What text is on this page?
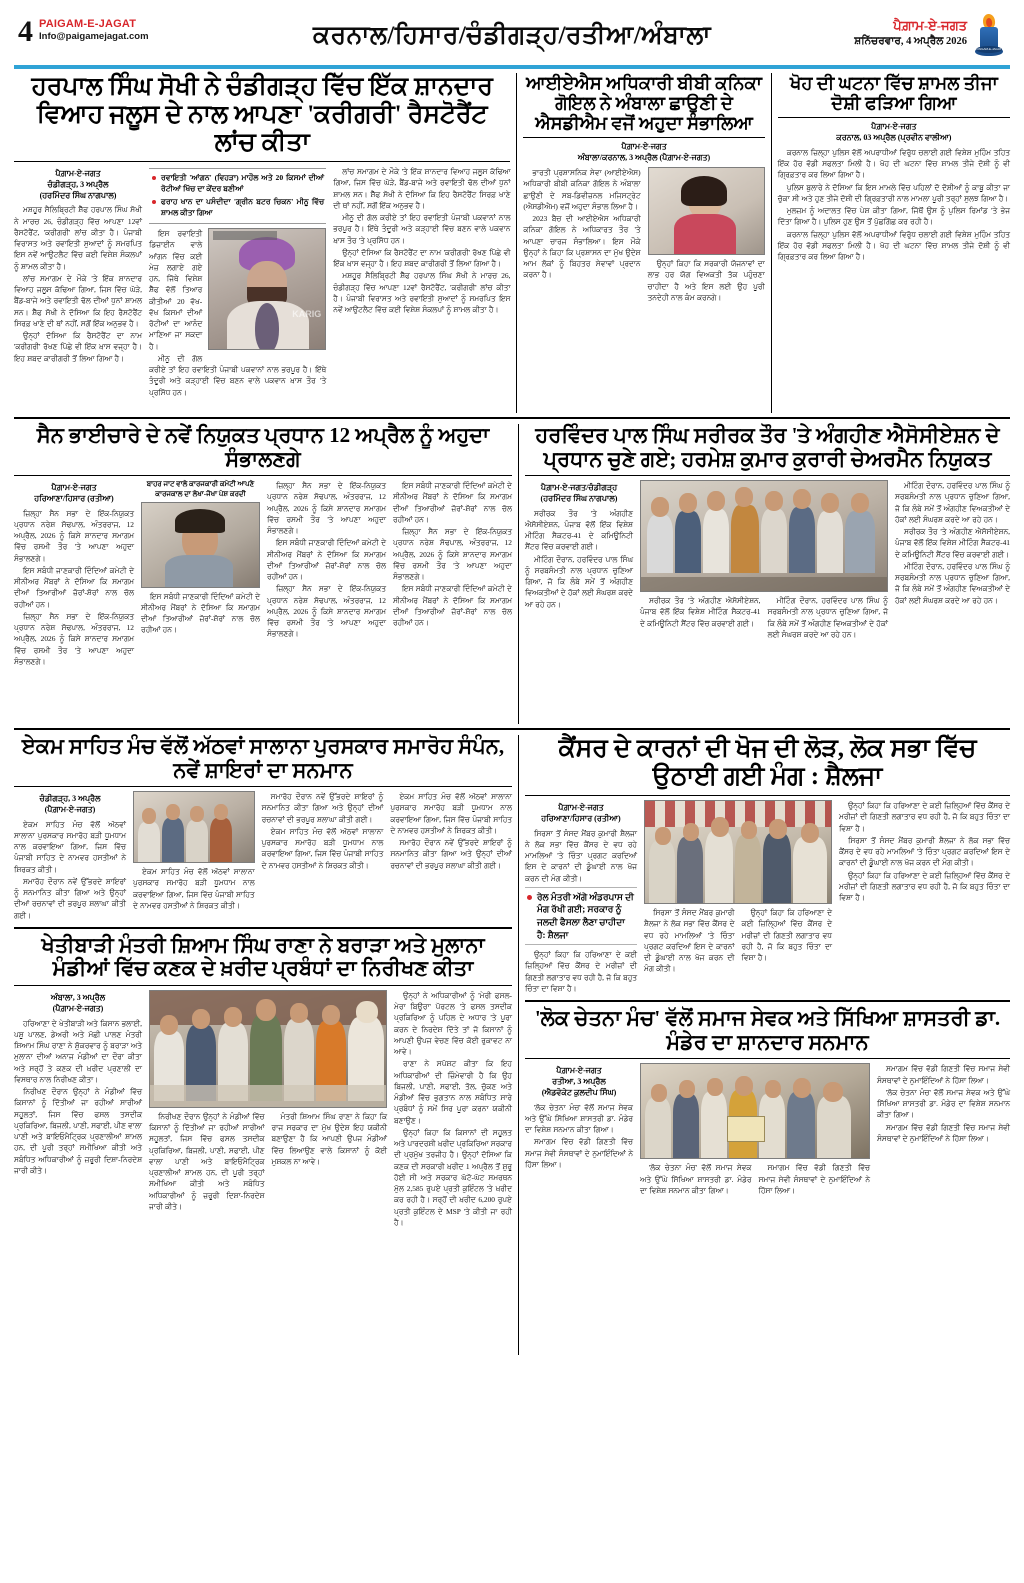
4 PAIGAM-E-JAGAT
Info@paigamejagat.com	ਕਰਨਾਲ/ਹਿਸਾਰ/ਚੰਡੀਗੜ੍ਹ/ਰਤੀਆ/ਅੰਬਾਲਾ	ਪੈਗ਼ਾਮ-ਏ-ਜਗਤ
ਸ਼ਨਿੱਚਰਵਾਰ, 4 ਅਪ੍ਰੈਲ 2026
PAIGAM-E-JAGAT
ਹਰਪਾਲ ਸਿੰਘ ਸੋਖੀ ਨੇ ਚੰਡੀਗੜ੍ਹ ਵਿੱਚ ਇੱਕ ਸ਼ਾਨਦਾਰ ਵਿਆਹ ਜਲੂਸ ਦੇ ਨਾਲ ਆਪਣਾ 'ਕਰੀਗਰੀ' ਰੈਸਟੋਰੈਂਟ ਲਾਂਚ ਕੀਤਾ
ਪੈਗ਼ਾਮ-ਏ-ਜਗਤ
ਚੰਡੀਗੜ੍ਹ, 3 ਅਪ੍ਰੈਲ
(ਹਰਮਿੰਦਰ ਸਿੰਘ ਨਾਗਪਾਲ)

ਮਸ਼ਹੂਰ ਸੈਲਿਬ੍ਰਿਟੀ ਸ਼ੈੱਫ ਹਰਪਾਲ ਸਿੰਘ ਸੋਖੀ ਨੇ ਮਾਰਚ 26, ਚੰਡੀਗੜ੍ਹ ਵਿੱਚ ਆਪਣਾ 12ਵਾਂ ਰੈਸਟੋਰੈਂਟ, 'ਕਰੀਗਰੀ' ਲਾਂਚ ਕੀਤਾ ਹੈ। ਪੰਜਾਬੀ ਵਿਰਾਸਤ ਅਤੇ ਰਵਾਇਤੀ ਸੁਆਦਾਂ ਨੂੰ ਸਮਰਪਿਤ ਇਸ ਨਵੇਂ ਆਉਟਲੈਟ ਵਿੱਚ ਕਈ ਵਿਸ਼ੇਸ਼ ਸੰਕਲਪਾਂ ਨੂੰ ਸ਼ਾਮਲ ਕੀਤਾ ਹੈ।

ਲਾਂਚ ਸਮਾਗਮ ਦੇ ਮੌਕੇ 'ਤੇ ਇੱਕ ਸ਼ਾਨਦਾਰ ਵਿਆਹ ਜਲੂਸ ਕੱਢਿਆ ਗਿਆ, ਜਿਸ ਵਿੱਚ ਘੋੜੇ, ਬੈਂਡ-ਬਾਜੇ ਅਤੇ ਰਵਾਇਤੀ ਢੋਲ ਦੀਆਂ ਧੁਨਾਂ ਸ਼ਾਮਲ ਸਨ। ਸ਼ੈੱਫ ਸੋਖੀ ਨੇ ਦੱਸਿਆ ਕਿ ਇਹ ਰੈਸਟੋਰੈਂਟ ਸਿਰਫ਼ ਖਾਣੇ ਦੀ ਥਾਂ ਨਹੀਂ, ਸਗੋਂ ਇੱਕ ਅਨੁਭਵ ਹੈ।

ਉਨ੍ਹਾਂ ਦੱਸਿਆ ਕਿ ਰੈਸਟੋਰੈਂਟ ਦਾ ਨਾਮ 'ਕਰੀਗਰੀ' ਰੱਖਣ ਪਿੱਛੇ ਵੀ ਇੱਕ ਖ਼ਾਸ ਵਜ੍ਹਾ ਹੈ। ਇਹ ਸ਼ਬਦ ਕਾਰੀਗਰੀ ਤੋਂ ਲਿਆ ਗਿਆ ਹੈ।

ਰਵਾਇਤੀ 'ਆਂਗਨ' (ਵਿਹੜਾ) ਮਾਹੌਲ ਅਤੇ 20 ਕਿਸਮਾਂ ਦੀਆਂ ਰੋਟੀਆਂ ਖਿੱਚ ਦਾ ਕੇਂਦਰ ਬਣੀਆਂ
ਫਰਾਹ ਖਾਨ ਦਾ ਪਸੰਦੀਦਾ 'ਗ੍ਰੀਨ ਬਟਰ ਚਿਕਨ' ਮੀਨੂ ਵਿੱਚ ਸ਼ਾਮਲ ਕੀਤਾ ਗਿਆ
KARIG

ਇਸ ਰਵਾਇਤੀ ਡਿਜ਼ਾਈਨ ਵਾਲੇ ਆਂਗਨ ਵਿੱਚ ਕਈ ਮੇਜ਼ ਲਗਾਏ ਗਏ ਹਨ, ਜਿੱਥੇ ਵਿਸ਼ੇਸ਼ ਸ਼ੈੱਫ ਵੱਲੋਂ ਤਿਆਰ ਕੀਤੀਆਂ 20 ਵੱਖ-ਵੱਖ ਕਿਸਮਾਂ ਦੀਆਂ ਰੋਟੀਆਂ ਦਾ ਆਨੰਦ ਮਾਣਿਆ ਜਾ ਸਕਦਾ ਹੈ।

ਮੀਨੂ ਦੀ ਗੱਲ ਕਰੀਏ ਤਾਂ ਇਹ ਰਵਾਇਤੀ ਪੰਜਾਬੀ ਪਕਵਾਨਾਂ ਨਾਲ ਭਰਪੂਰ ਹੈ। ਇੱਥੇ ਤੰਦੂਰੀ ਅਤੇ ਕੜ੍ਹਾਈ ਵਿੱਚ ਬਣਨ ਵਾਲੇ ਪਕਵਾਨ ਖ਼ਾਸ ਤੌਰ 'ਤੇ ਪ੍ਰਸਿੱਧ ਹਨ।

ਲਾਂਚ ਸਮਾਗਮ ਦੇ ਮੌਕੇ 'ਤੇ ਇੱਕ ਸ਼ਾਨਦਾਰ ਵਿਆਹ ਜਲੂਸ ਕੱਢਿਆ ਗਿਆ, ਜਿਸ ਵਿੱਚ ਘੋੜੇ, ਬੈਂਡ-ਬਾਜੇ ਅਤੇ ਰਵਾਇਤੀ ਢੋਲ ਦੀਆਂ ਧੁਨਾਂ ਸ਼ਾਮਲ ਸਨ। ਸ਼ੈੱਫ ਸੋਖੀ ਨੇ ਦੱਸਿਆ ਕਿ ਇਹ ਰੈਸਟੋਰੈਂਟ ਸਿਰਫ਼ ਖਾਣੇ ਦੀ ਥਾਂ ਨਹੀਂ, ਸਗੋਂ ਇੱਕ ਅਨੁਭਵ ਹੈ।

ਮੀਨੂ ਦੀ ਗੱਲ ਕਰੀਏ ਤਾਂ ਇਹ ਰਵਾਇਤੀ ਪੰਜਾਬੀ ਪਕਵਾਨਾਂ ਨਾਲ ਭਰਪੂਰ ਹੈ। ਇੱਥੇ ਤੰਦੂਰੀ ਅਤੇ ਕੜ੍ਹਾਈ ਵਿੱਚ ਬਣਨ ਵਾਲੇ ਪਕਵਾਨ ਖ਼ਾਸ ਤੌਰ 'ਤੇ ਪ੍ਰਸਿੱਧ ਹਨ।

ਉਨ੍ਹਾਂ ਦੱਸਿਆ ਕਿ ਰੈਸਟੋਰੈਂਟ ਦਾ ਨਾਮ 'ਕਰੀਗਰੀ' ਰੱਖਣ ਪਿੱਛੇ ਵੀ ਇੱਕ ਖ਼ਾਸ ਵਜ੍ਹਾ ਹੈ। ਇਹ ਸ਼ਬਦ ਕਾਰੀਗਰੀ ਤੋਂ ਲਿਆ ਗਿਆ ਹੈ।

ਮਸ਼ਹੂਰ ਸੈਲਿਬ੍ਰਿਟੀ ਸ਼ੈੱਫ ਹਰਪਾਲ ਸਿੰਘ ਸੋਖੀ ਨੇ ਮਾਰਚ 26, ਚੰਡੀਗੜ੍ਹ ਵਿੱਚ ਆਪਣਾ 12ਵਾਂ ਰੈਸਟੋਰੈਂਟ, 'ਕਰੀਗਰੀ' ਲਾਂਚ ਕੀਤਾ ਹੈ। ਪੰਜਾਬੀ ਵਿਰਾਸਤ ਅਤੇ ਰਵਾਇਤੀ ਸੁਆਦਾਂ ਨੂੰ ਸਮਰਪਿਤ ਇਸ ਨਵੇਂ ਆਉਟਲੈਟ ਵਿੱਚ ਕਈ ਵਿਸ਼ੇਸ਼ ਸੰਕਲਪਾਂ ਨੂੰ ਸ਼ਾਮਲ ਕੀਤਾ ਹੈ।

ਆਈਏਐਸ ਅਧਿਕਾਰੀ ਬੀਬੀ ਕਨਿਕਾ ਗੋਇਲ ਨੇ ਅੰਬਾਲਾ ਛਾਉਣੀ ਦੇ ਐਸਡੀਐਮ ਵਜੋਂ ਅਹੁਦਾ ਸੰਭਾਲਿਆ
ਪੈਗ਼ਾਮ-ਏ-ਜਗਤ
ਅੰਬਾਲਾ/ਕਰਨਾਲ, 3 ਅਪ੍ਰੈਲ (ਪੈਗ਼ਾਮ-ਏ-ਜਗਤ)

ਭਾਰਤੀ ਪ੍ਰਸ਼ਾਸਨਿਕ ਸੇਵਾ (ਆਈਏਐਸ) ਅਧਿਕਾਰੀ ਬੀਬੀ ਕਨਿਕਾ ਗੋਇਲ ਨੇ ਅੰਬਾਲਾ ਛਾਉਣੀ ਦੇ ਸਬ-ਡਿਵੀਜ਼ਨਲ ਮਜਿਸਟ੍ਰੇਟ (ਐਸਡੀਐਮ) ਵਜੋਂ ਅਹੁਦਾ ਸੰਭਾਲ ਲਿਆ ਹੈ।

2023 ਬੈਚ ਦੀ ਆਈਏਐਸ ਅਧਿਕਾਰੀ ਕਨਿਕਾ ਗੋਇਲ ਨੇ ਅਧਿਕਾਰਤ ਤੌਰ 'ਤੇ ਆਪਣਾ ਚਾਰਜ ਸੰਭਾਲਿਆ। ਇਸ ਮੌਕੇ ਉਨ੍ਹਾਂ ਨੇ ਕਿਹਾ ਕਿ ਪ੍ਰਸ਼ਾਸਨ ਦਾ ਮੁੱਖ ਉਦੇਸ਼ ਆਮ ਲੋਕਾਂ ਨੂੰ ਬਿਹਤਰ ਸੇਵਾਵਾਂ ਪ੍ਰਦਾਨ ਕਰਨਾ ਹੈ।

ਉਨ੍ਹਾਂ ਕਿਹਾ ਕਿ ਸਰਕਾਰੀ ਯੋਜਨਾਵਾਂ ਦਾ ਲਾਭ ਹਰ ਯੋਗ ਵਿਅਕਤੀ ਤੱਕ ਪਹੁੰਚਣਾ ਚਾਹੀਦਾ ਹੈ ਅਤੇ ਇਸ ਲਈ ਉਹ ਪੂਰੀ ਤਨਦੇਹੀ ਨਾਲ ਕੰਮ ਕਰਨਗੇ।

ਖੋਹ ਦੀ ਘਟਨਾ ਵਿੱਚ ਸ਼ਾਮਲ ਤੀਜਾ ਦੋਸ਼ੀ ਫੜਿਆ ਗਿਆ
ਪੈਗ਼ਾਮ-ਏ-ਜਗਤ
ਕਰਨਾਲ, 03 ਅਪ੍ਰੈਲ (ਪ੍ਰਵੀਨ ਵਾਲੀਆ)

ਕਰਨਾਲ ਜ਼ਿਲ੍ਹਾ ਪੁਲਿਸ ਵੱਲੋਂ ਅਪਰਾਧੀਆਂ ਵਿਰੁੱਧ ਚਲਾਈ ਗਈ ਵਿਸ਼ੇਸ਼ ਮੁਹਿੰਮ ਤਹਿਤ ਇੱਕ ਹੋਰ ਵੱਡੀ ਸਫਲਤਾ ਮਿਲੀ ਹੈ। ਖੋਹ ਦੀ ਘਟਨਾ ਵਿੱਚ ਸ਼ਾਮਲ ਤੀਜੇ ਦੋਸ਼ੀ ਨੂੰ ਵੀ ਗ੍ਰਿਫ਼ਤਾਰ ਕਰ ਲਿਆ ਗਿਆ ਹੈ।

ਪੁਲਿਸ ਬੁਲਾਰੇ ਨੇ ਦੱਸਿਆ ਕਿ ਇਸ ਮਾਮਲੇ ਵਿੱਚ ਪਹਿਲਾਂ ਦੋ ਦੋਸ਼ੀਆਂ ਨੂੰ ਕਾਬੂ ਕੀਤਾ ਜਾ ਚੁੱਕਾ ਸੀ ਅਤੇ ਹੁਣ ਤੀਜੇ ਦੋਸ਼ੀ ਦੀ ਗ੍ਰਿਫ਼ਤਾਰੀ ਨਾਲ ਮਾਮਲਾ ਪੂਰੀ ਤਰ੍ਹਾਂ ਸੁਲਝ ਗਿਆ ਹੈ।

ਮੁਲਜ਼ਮ ਨੂੰ ਅਦਾਲਤ ਵਿੱਚ ਪੇਸ਼ ਕੀਤਾ ਗਿਆ, ਜਿੱਥੋਂ ਉਸ ਨੂੰ ਪੁਲਿਸ ਰਿਮਾਂਡ 'ਤੇ ਭੇਜ ਦਿੱਤਾ ਗਿਆ ਹੈ। ਪੁਲਿਸ ਹੁਣ ਉਸ ਤੋਂ ਪੁੱਛਗਿੱਛ ਕਰ ਰਹੀ ਹੈ।

ਕਰਨਾਲ ਜ਼ਿਲ੍ਹਾ ਪੁਲਿਸ ਵੱਲੋਂ ਅਪਰਾਧੀਆਂ ਵਿਰੁੱਧ ਚਲਾਈ ਗਈ ਵਿਸ਼ੇਸ਼ ਮੁਹਿੰਮ ਤਹਿਤ ਇੱਕ ਹੋਰ ਵੱਡੀ ਸਫਲਤਾ ਮਿਲੀ ਹੈ। ਖੋਹ ਦੀ ਘਟਨਾ ਵਿੱਚ ਸ਼ਾਮਲ ਤੀਜੇ ਦੋਸ਼ੀ ਨੂੰ ਵੀ ਗ੍ਰਿਫ਼ਤਾਰ ਕਰ ਲਿਆ ਗਿਆ ਹੈ।

ਸੈਨ ਭਾਈਚਾਰੇ ਦੇ ਨਵੇਂ ਨਿਯੁਕਤ ਪ੍ਰਧਾਨ 12 ਅਪ੍ਰੈਲ ਨੂੰ ਅਹੁਦਾ ਸੰਭਾਲਣਗੇ
ਪੈਗ਼ਾਮ-ਏ-ਜਗਤ
ਹਰਿਆਣਾ/ਹਿਸਾਰ (ਰਤੀਆ)

ਜ਼ਿਲ੍ਹਾ ਸੈਨ ਸਭਾ ਦੇ ਇੱਕ-ਨਿਯੁਕਤ ਪ੍ਰਧਾਨ ਨਰੇਸ਼ ਸੋਢਪਾਲ, ਅੰਤਰਰਾਜ, 12 ਅਪ੍ਰੈਲ, 2026 ਨੂੰ ਕਿਸੇ ਸ਼ਾਨਦਾਰ ਸਮਾਗਮ ਵਿੱਚ ਰਸਮੀ ਤੌਰ 'ਤੇ ਆਪਣਾ ਅਹੁਦਾ ਸੰਭਾਲਣਗੇ।

ਇਸ ਸਬੰਧੀ ਜਾਣਕਾਰੀ ਦਿੰਦਿਆਂ ਕਮੇਟੀ ਦੇ ਸੀਨੀਅਰ ਮੈਂਬਰਾਂ ਨੇ ਦੱਸਿਆ ਕਿ ਸਮਾਗਮ ਦੀਆਂ ਤਿਆਰੀਆਂ ਜ਼ੋਰਾਂ-ਸ਼ੋਰਾਂ ਨਾਲ ਚੱਲ ਰਹੀਆਂ ਹਨ।

ਜ਼ਿਲ੍ਹਾ ਸੈਨ ਸਭਾ ਦੇ ਇੱਕ-ਨਿਯੁਕਤ ਪ੍ਰਧਾਨ ਨਰੇਸ਼ ਸੋਢਪਾਲ, ਅੰਤਰਰਾਜ, 12 ਅਪ੍ਰੈਲ, 2026 ਨੂੰ ਕਿਸੇ ਸ਼ਾਨਦਾਰ ਸਮਾਗਮ ਵਿੱਚ ਰਸਮੀ ਤੌਰ 'ਤੇ ਆਪਣਾ ਅਹੁਦਾ ਸੰਭਾਲਣਗੇ।

ਬਾਹਰ ਜਾਟ ਵਾਲੇ ਕਾਰਜਕਾਰੀ ਕਮੇਟੀ ਆਪਣੇ ਕਾਰਜਕਾਲ ਦਾ ਲੇਖਾ-ਜੋਖਾ ਪੇਸ਼ ਕਰਦੀ

ਇਸ ਸਬੰਧੀ ਜਾਣਕਾਰੀ ਦਿੰਦਿਆਂ ਕਮੇਟੀ ਦੇ ਸੀਨੀਅਰ ਮੈਂਬਰਾਂ ਨੇ ਦੱਸਿਆ ਕਿ ਸਮਾਗਮ ਦੀਆਂ ਤਿਆਰੀਆਂ ਜ਼ੋਰਾਂ-ਸ਼ੋਰਾਂ ਨਾਲ ਚੱਲ ਰਹੀਆਂ ਹਨ।

ਜ਼ਿਲ੍ਹਾ ਸੈਨ ਸਭਾ ਦੇ ਇੱਕ-ਨਿਯੁਕਤ ਪ੍ਰਧਾਨ ਨਰੇਸ਼ ਸੋਢਪਾਲ, ਅੰਤਰਰਾਜ, 12 ਅਪ੍ਰੈਲ, 2026 ਨੂੰ ਕਿਸੇ ਸ਼ਾਨਦਾਰ ਸਮਾਗਮ ਵਿੱਚ ਰਸਮੀ ਤੌਰ 'ਤੇ ਆਪਣਾ ਅਹੁਦਾ ਸੰਭਾਲਣਗੇ।

ਇਸ ਸਬੰਧੀ ਜਾਣਕਾਰੀ ਦਿੰਦਿਆਂ ਕਮੇਟੀ ਦੇ ਸੀਨੀਅਰ ਮੈਂਬਰਾਂ ਨੇ ਦੱਸਿਆ ਕਿ ਸਮਾਗਮ ਦੀਆਂ ਤਿਆਰੀਆਂ ਜ਼ੋਰਾਂ-ਸ਼ੋਰਾਂ ਨਾਲ ਚੱਲ ਰਹੀਆਂ ਹਨ।

ਜ਼ਿਲ੍ਹਾ ਸੈਨ ਸਭਾ ਦੇ ਇੱਕ-ਨਿਯੁਕਤ ਪ੍ਰਧਾਨ ਨਰੇਸ਼ ਸੋਢਪਾਲ, ਅੰਤਰਰਾਜ, 12 ਅਪ੍ਰੈਲ, 2026 ਨੂੰ ਕਿਸੇ ਸ਼ਾਨਦਾਰ ਸਮਾਗਮ ਵਿੱਚ ਰਸਮੀ ਤੌਰ 'ਤੇ ਆਪਣਾ ਅਹੁਦਾ ਸੰਭਾਲਣਗੇ।

ਇਸ ਸਬੰਧੀ ਜਾਣਕਾਰੀ ਦਿੰਦਿਆਂ ਕਮੇਟੀ ਦੇ ਸੀਨੀਅਰ ਮੈਂਬਰਾਂ ਨੇ ਦੱਸਿਆ ਕਿ ਸਮਾਗਮ ਦੀਆਂ ਤਿਆਰੀਆਂ ਜ਼ੋਰਾਂ-ਸ਼ੋਰਾਂ ਨਾਲ ਚੱਲ ਰਹੀਆਂ ਹਨ।

ਜ਼ਿਲ੍ਹਾ ਸੈਨ ਸਭਾ ਦੇ ਇੱਕ-ਨਿਯੁਕਤ ਪ੍ਰਧਾਨ ਨਰੇਸ਼ ਸੋਢਪਾਲ, ਅੰਤਰਰਾਜ, 12 ਅਪ੍ਰੈਲ, 2026 ਨੂੰ ਕਿਸੇ ਸ਼ਾਨਦਾਰ ਸਮਾਗਮ ਵਿੱਚ ਰਸਮੀ ਤੌਰ 'ਤੇ ਆਪਣਾ ਅਹੁਦਾ ਸੰਭਾਲਣਗੇ।

ਇਸ ਸਬੰਧੀ ਜਾਣਕਾਰੀ ਦਿੰਦਿਆਂ ਕਮੇਟੀ ਦੇ ਸੀਨੀਅਰ ਮੈਂਬਰਾਂ ਨੇ ਦੱਸਿਆ ਕਿ ਸਮਾਗਮ ਦੀਆਂ ਤਿਆਰੀਆਂ ਜ਼ੋਰਾਂ-ਸ਼ੋਰਾਂ ਨਾਲ ਚੱਲ ਰਹੀਆਂ ਹਨ।

ਹਰਵਿੰਦਰ ਪਾਲ ਸਿੰਘ ਸਰੀਰਕ ਤੌਰ 'ਤੇ ਅੰਗਹੀਣ ਐਸੋਸੀਏਸ਼ਨ ਦੇ ਪ੍ਰਧਾਨ ਚੁਣੇ ਗਏ; ਹਰਮੇਸ਼ ਕੁਮਾਰ ਕੁਰਾਰੀ ਚੇਅਰਮੈਨ ਨਿਯੁਕਤ
ਪੈਗ਼ਾਮ-ਏ-ਜਗਤ/ਚੰਡੀਗੜ੍ਹ
(ਹਰਮਿੰਦਰ ਸਿੰਘ ਨਾਗਪਾਲ)

ਸਰੀਰਕ ਤੌਰ 'ਤੇ ਅੰਗਹੀਣ ਐਸੋਸੀਏਸ਼ਨ, ਪੰਜਾਬ ਵੱਲੋਂ ਇੱਕ ਵਿਸ਼ੇਸ਼ ਮੀਟਿੰਗ ਸੈਕਟਰ-41 ਦੇ ਕਮਿਊਨਿਟੀ ਸੈਂਟਰ ਵਿੱਚ ਕਰਵਾਈ ਗਈ।

ਮੀਟਿੰਗ ਦੌਰਾਨ, ਹਰਵਿੰਦਰ ਪਾਲ ਸਿੰਘ ਨੂੰ ਸਰਬਸੰਮਤੀ ਨਾਲ ਪ੍ਰਧਾਨ ਚੁਣਿਆ ਗਿਆ, ਜੋ ਕਿ ਲੰਬੇ ਸਮੇਂ ਤੋਂ ਅੰਗਹੀਣ ਵਿਅਕਤੀਆਂ ਦੇ ਹੱਕਾਂ ਲਈ ਸੰਘਰਸ਼ ਕਰਦੇ ਆ ਰਹੇ ਹਨ।	ਸਰੀਰਕ ਤੌਰ 'ਤੇ ਅੰਗਹੀਣ ਐਸੋਸੀਏਸ਼ਨ, ਪੰਜਾਬ ਵੱਲੋਂ ਇੱਕ ਵਿਸ਼ੇਸ਼ ਮੀਟਿੰਗ ਸੈਕਟਰ-41 ਦੇ ਕਮਿਊਨਿਟੀ ਸੈਂਟਰ ਵਿੱਚ ਕਰਵਾਈ ਗਈ।

ਮੀਟਿੰਗ ਦੌਰਾਨ, ਹਰਵਿੰਦਰ ਪਾਲ ਸਿੰਘ ਨੂੰ ਸਰਬਸੰਮਤੀ ਨਾਲ ਪ੍ਰਧਾਨ ਚੁਣਿਆ ਗਿਆ, ਜੋ ਕਿ ਲੰਬੇ ਸਮੇਂ ਤੋਂ ਅੰਗਹੀਣ ਵਿਅਕਤੀਆਂ ਦੇ ਹੱਕਾਂ ਲਈ ਸੰਘਰਸ਼ ਕਰਦੇ ਆ ਰਹੇ ਹਨ।

ਮੀਟਿੰਗ ਦੌਰਾਨ, ਹਰਵਿੰਦਰ ਪਾਲ ਸਿੰਘ ਨੂੰ ਸਰਬਸੰਮਤੀ ਨਾਲ ਪ੍ਰਧਾਨ ਚੁਣਿਆ ਗਿਆ, ਜੋ ਕਿ ਲੰਬੇ ਸਮੇਂ ਤੋਂ ਅੰਗਹੀਣ ਵਿਅਕਤੀਆਂ ਦੇ ਹੱਕਾਂ ਲਈ ਸੰਘਰਸ਼ ਕਰਦੇ ਆ ਰਹੇ ਹਨ।

ਸਰੀਰਕ ਤੌਰ 'ਤੇ ਅੰਗਹੀਣ ਐਸੋਸੀਏਸ਼ਨ, ਪੰਜਾਬ ਵੱਲੋਂ ਇੱਕ ਵਿਸ਼ੇਸ਼ ਮੀਟਿੰਗ ਸੈਕਟਰ-41 ਦੇ ਕਮਿਊਨਿਟੀ ਸੈਂਟਰ ਵਿੱਚ ਕਰਵਾਈ ਗਈ।

ਮੀਟਿੰਗ ਦੌਰਾਨ, ਹਰਵਿੰਦਰ ਪਾਲ ਸਿੰਘ ਨੂੰ ਸਰਬਸੰਮਤੀ ਨਾਲ ਪ੍ਰਧਾਨ ਚੁਣਿਆ ਗਿਆ, ਜੋ ਕਿ ਲੰਬੇ ਸਮੇਂ ਤੋਂ ਅੰਗਹੀਣ ਵਿਅਕਤੀਆਂ ਦੇ ਹੱਕਾਂ ਲਈ ਸੰਘਰਸ਼ ਕਰਦੇ ਆ ਰਹੇ ਹਨ।

ਏਕਮ ਸਾਹਿਤ ਮੰਚ ਵੱਲੋਂ ਅੱਠਵਾਂ ਸਾਲਾਨਾ ਪੁਰਸਕਾਰ ਸਮਾਰੋਹ ਸੰਪੰਨ, ਨਵੇਂ ਸ਼ਾਇਰਾਂ ਦਾ ਸਨਮਾਨ
ਚੰਡੀਗੜ੍ਹ, 3 ਅਪ੍ਰੈਲ
(ਪੈਗ਼ਾਮ-ਏ-ਜਗਤ)

ਏਕਮ ਸਾਹਿਤ ਮੰਚ ਵੱਲੋਂ ਅੱਠਵਾਂ ਸਾਲਾਨਾ ਪੁਰਸਕਾਰ ਸਮਾਰੋਹ ਬੜੀ ਧੂਮਧਾਮ ਨਾਲ ਕਰਵਾਇਆ ਗਿਆ, ਜਿਸ ਵਿੱਚ ਪੰਜਾਬੀ ਸਾਹਿਤ ਦੇ ਨਾਮਵਰ ਹਸਤੀਆਂ ਨੇ ਸ਼ਿਰਕਤ ਕੀਤੀ।

ਸਮਾਰੋਹ ਦੌਰਾਨ ਨਵੇਂ ਉੱਭਰਦੇ ਸ਼ਾਇਰਾਂ ਨੂੰ ਸਨਮਾਨਿਤ ਕੀਤਾ ਗਿਆ ਅਤੇ ਉਨ੍ਹਾਂ ਦੀਆਂ ਰਚਨਾਵਾਂ ਦੀ ਭਰਪੂਰ ਸ਼ਲਾਘਾ ਕੀਤੀ ਗਈ।

ਏਕਮ ਸਾਹਿਤ ਮੰਚ ਵੱਲੋਂ ਅੱਠਵਾਂ ਸਾਲਾਨਾ ਪੁਰਸਕਾਰ ਸਮਾਰੋਹ ਬੜੀ ਧੂਮਧਾਮ ਨਾਲ ਕਰਵਾਇਆ ਗਿਆ, ਜਿਸ ਵਿੱਚ ਪੰਜਾਬੀ ਸਾਹਿਤ ਦੇ ਨਾਮਵਰ ਹਸਤੀਆਂ ਨੇ ਸ਼ਿਰਕਤ ਕੀਤੀ।

ਸਮਾਰੋਹ ਦੌਰਾਨ ਨਵੇਂ ਉੱਭਰਦੇ ਸ਼ਾਇਰਾਂ ਨੂੰ ਸਨਮਾਨਿਤ ਕੀਤਾ ਗਿਆ ਅਤੇ ਉਨ੍ਹਾਂ ਦੀਆਂ ਰਚਨਾਵਾਂ ਦੀ ਭਰਪੂਰ ਸ਼ਲਾਘਾ ਕੀਤੀ ਗਈ।

ਏਕਮ ਸਾਹਿਤ ਮੰਚ ਵੱਲੋਂ ਅੱਠਵਾਂ ਸਾਲਾਨਾ ਪੁਰਸਕਾਰ ਸਮਾਰੋਹ ਬੜੀ ਧੂਮਧਾਮ ਨਾਲ ਕਰਵਾਇਆ ਗਿਆ, ਜਿਸ ਵਿੱਚ ਪੰਜਾਬੀ ਸਾਹਿਤ ਦੇ ਨਾਮਵਰ ਹਸਤੀਆਂ ਨੇ ਸ਼ਿਰਕਤ ਕੀਤੀ।

ਏਕਮ ਸਾਹਿਤ ਮੰਚ ਵੱਲੋਂ ਅੱਠਵਾਂ ਸਾਲਾਨਾ ਪੁਰਸਕਾਰ ਸਮਾਰੋਹ ਬੜੀ ਧੂਮਧਾਮ ਨਾਲ ਕਰਵਾਇਆ ਗਿਆ, ਜਿਸ ਵਿੱਚ ਪੰਜਾਬੀ ਸਾਹਿਤ ਦੇ ਨਾਮਵਰ ਹਸਤੀਆਂ ਨੇ ਸ਼ਿਰਕਤ ਕੀਤੀ।

ਸਮਾਰੋਹ ਦੌਰਾਨ ਨਵੇਂ ਉੱਭਰਦੇ ਸ਼ਾਇਰਾਂ ਨੂੰ ਸਨਮਾਨਿਤ ਕੀਤਾ ਗਿਆ ਅਤੇ ਉਨ੍ਹਾਂ ਦੀਆਂ ਰਚਨਾਵਾਂ ਦੀ ਭਰਪੂਰ ਸ਼ਲਾਘਾ ਕੀਤੀ ਗਈ।

ਖੇਤੀਬਾੜੀ ਮੰਤਰੀ ਸ਼ਿਆਮ ਸਿੰਘ ਰਾਣਾ ਨੇ ਬਰਾੜਾ ਅਤੇ ਮੁਲਾਨਾ ਮੰਡੀਆਂ ਵਿੱਚ ਕਣਕ ਦੇ ਖ਼ਰੀਦ ਪ੍ਰਬੰਧਾਂ ਦਾ ਨਿਰੀਖਣ ਕੀਤਾ
ਅੰਬਾਲਾ, 3 ਅਪ੍ਰੈਲ
(ਪੈਗ਼ਾਮ-ਏ-ਜਗਤ)

ਹਰਿਆਣਾ ਦੇ ਖੇਤੀਬਾੜੀ ਅਤੇ ਕਿਸਾਨ ਭਲਾਈ, ਪਸ਼ੂ ਪਾਲਣ, ਡੇਅਰੀ ਅਤੇ ਮੱਛੀ ਪਾਲਣ ਮੰਤਰੀ ਸ਼ਿਆਮ ਸਿੰਘ ਰਾਣਾ ਨੇ ਸ਼ੁੱਕਰਵਾਰ ਨੂੰ ਬਰਾੜਾ ਅਤੇ ਮੁਲਾਨਾ ਦੀਆਂ ਅਨਾਜ ਮੰਡੀਆਂ ਦਾ ਦੌਰਾ ਕੀਤਾ ਅਤੇ ਸਰ੍ਹੋਂ ਤੇ ਕਣਕ ਦੀ ਖ਼ਰੀਦ ਪ੍ਰਣਾਲੀ ਦਾ ਵਿਸਥਾਰ ਨਾਲ ਨਿਰੀਖਣ ਕੀਤਾ।

ਨਿਰੀਖਣ ਦੌਰਾਨ ਉਨ੍ਹਾਂ ਨੇ ਮੰਡੀਆਂ ਵਿੱਚ ਕਿਸਾਨਾਂ ਨੂੰ ਦਿੱਤੀਆਂ ਜਾ ਰਹੀਆਂ ਸਾਰੀਆਂ ਸਹੂਲਤਾਂ, ਜਿਸ ਵਿੱਚ ਫਸਲ ਤਸਦੀਕ ਪ੍ਰਕਿਰਿਆ, ਬਿਜਲੀ, ਪਾਣੀ, ਸਫਾਈ, ਪੀਣ ਵਾਲਾ ਪਾਣੀ ਅਤੇ ਬਾਇਓਮੈਟ੍ਰਿਕ ਪ੍ਰਣਾਲੀਆਂ ਸ਼ਾਮਲ ਹਨ, ਦੀ ਪੂਰੀ ਤਰ੍ਹਾਂ ਸਮੀਖਿਆ ਕੀਤੀ ਅਤੇ ਸਬੰਧਿਤ ਅਧਿਕਾਰੀਆਂ ਨੂੰ ਜ਼ਰੂਰੀ ਦਿਸ਼ਾ-ਨਿਰਦੇਸ਼ ਜਾਰੀ ਕੀਤੇ।

ਨਿਰੀਖਣ ਦੌਰਾਨ ਉਨ੍ਹਾਂ ਨੇ ਮੰਡੀਆਂ ਵਿੱਚ ਕਿਸਾਨਾਂ ਨੂੰ ਦਿੱਤੀਆਂ ਜਾ ਰਹੀਆਂ ਸਾਰੀਆਂ ਸਹੂਲਤਾਂ, ਜਿਸ ਵਿੱਚ ਫਸਲ ਤਸਦੀਕ ਪ੍ਰਕਿਰਿਆ, ਬਿਜਲੀ, ਪਾਣੀ, ਸਫਾਈ, ਪੀਣ ਵਾਲਾ ਪਾਣੀ ਅਤੇ ਬਾਇਓਮੈਟ੍ਰਿਕ ਪ੍ਰਣਾਲੀਆਂ ਸ਼ਾਮਲ ਹਨ, ਦੀ ਪੂਰੀ ਤਰ੍ਹਾਂ ਸਮੀਖਿਆ ਕੀਤੀ ਅਤੇ ਸਬੰਧਿਤ ਅਧਿਕਾਰੀਆਂ ਨੂੰ ਜ਼ਰੂਰੀ ਦਿਸ਼ਾ-ਨਿਰਦੇਸ਼ ਜਾਰੀ ਕੀਤੇ।

ਮੰਤਰੀ ਸ਼ਿਆਮ ਸਿੰਘ ਰਾਣਾ ਨੇ ਕਿਹਾ ਕਿ ਰਾਜ ਸਰਕਾਰ ਦਾ ਮੁੱਖ ਉਦੇਸ਼ ਇਹ ਯਕੀਨੀ ਬਣਾਉਣਾ ਹੈ ਕਿ ਆਪਣੀ ਉਪਜ ਮੰਡੀਆਂ ਵਿੱਚ ਲਿਆਉਣ ਵਾਲੇ ਕਿਸਾਨਾਂ ਨੂੰ ਕੋਈ ਮੁਸ਼ਕਲ ਨਾ ਆਵੇ।

ਉਨ੍ਹਾਂ ਨੇ ਅਧਿਕਾਰੀਆਂ ਨੂੰ 'ਮੇਰੀ ਫਸਲ-ਮੇਰਾ ਬਿਊਰਾ' ਪੋਰਟਲ 'ਤੇ ਫਸਲ ਤਸਦੀਕ ਪ੍ਰਕਿਰਿਆ ਨੂੰ ਪਹਿਲ ਦੇ ਅਧਾਰ 'ਤੇ ਪੂਰਾ ਕਰਨ ਦੇ ਨਿਰਦੇਸ਼ ਦਿੱਤੇ ਤਾਂ ਜੋ ਕਿਸਾਨਾਂ ਨੂੰ ਆਪਣੀ ਉਪਜ ਵੇਚਣ ਵਿੱਚ ਕੋਈ ਰੁਕਾਵਟ ਨਾ ਆਵੇ।

ਰਾਣਾ ਨੇ ਸਪੱਸ਼ਟ ਕੀਤਾ ਕਿ ਇਹ ਅਧਿਕਾਰੀਆਂ ਦੀ ਜ਼ਿੰਮੇਵਾਰੀ ਹੈ ਕਿ ਉਹ ਬਿਜਲੀ, ਪਾਣੀ, ਸਫਾਈ, ਤੋਲ, ਚੁੱਕਣ ਅਤੇ ਮੰਡੀਆਂ ਵਿੱਚ ਭੁਗਤਾਨ ਨਾਲ ਸਬੰਧਿਤ ਸਾਰੇ ਪ੍ਰਬੰਧਾਂ ਨੂੰ ਸਮੇਂ ਸਿਰ ਪੂਰਾ ਕਰਨਾ ਯਕੀਨੀ ਬਣਾਉਣ।

ਉਨ੍ਹਾਂ ਕਿਹਾ ਕਿ ਕਿਸਾਨਾਂ ਦੀ ਸਹੂਲਤ ਅਤੇ ਪਾਰਦਰਸ਼ੀ ਖ਼ਰੀਦ ਪ੍ਰਕਿਰਿਆ ਸਰਕਾਰ ਦੀ ਪ੍ਰਮੁੱਖ ਤਰਜੀਹ ਹੈ। ਉਨ੍ਹਾਂ ਦੱਸਿਆ ਕਿ ਕਣਕ ਦੀ ਸਰਕਾਰੀ ਖ਼ਰੀਦ 1 ਅਪ੍ਰੈਲ ਤੋਂ ਸ਼ੁਰੂ ਹੋਈ ਸੀ ਅਤੇ ਸਰਕਾਰ ਘੱਟੋ-ਘੱਟ ਸਮਰਥਨ ਮੁੱਲ 2,585 ਰੁਪਏ ਪ੍ਰਤੀ ਕੁਇੰਟਲ 'ਤੇ ਖ਼ਰੀਦ ਕਰ ਰਹੀ ਹੈ। ਸਰ੍ਹੋਂ ਦੀ ਖ਼ਰੀਦ 6,200 ਰੁਪਏ ਪ੍ਰਤੀ ਕੁਇੰਟਲ ਦੇ MSP 'ਤੇ ਕੀਤੀ ਜਾ ਰਹੀ ਹੈ।

ਕੈਂਸਰ ਦੇ ਕਾਰਨਾਂ ਦੀ ਖੋਜ ਦੀ ਲੋੜ, ਲੋਕ ਸਭਾ ਵਿੱਚ ਉਠਾਈ ਗਈ ਮੰਗ : ਸ਼ੈਲਜਾ
ਪੈਗ਼ਾਮ-ਏ-ਜਗਤ
ਹਰਿਆਣਾ/ਹਿਸਾਰ (ਰਤੀਆ)

ਸਿਰਸਾ ਤੋਂ ਸੰਸਦ ਮੈਂਬਰ ਕੁਮਾਰੀ ਸ਼ੈਲਜਾ ਨੇ ਲੋਕ ਸਭਾ ਵਿੱਚ ਕੈਂਸਰ ਦੇ ਵਧ ਰਹੇ ਮਾਮਲਿਆਂ 'ਤੇ ਚਿੰਤਾ ਪ੍ਰਗਟ ਕਰਦਿਆਂ ਇਸ ਦੇ ਕਾਰਨਾਂ ਦੀ ਡੂੰਘਾਈ ਨਾਲ ਖੋਜ ਕਰਨ ਦੀ ਮੰਗ ਕੀਤੀ।

ਰੇਲ ਮੰਤਰੀ ਅੱਗੇ ਅੰਡਰਪਾਸ ਦੀ ਮੰਗ ਰੱਖੀ ਗਈ; ਸਰਕਾਰ ਨੂੰ ਜਲਦੀ ਫੈਸਲਾ ਲੈਣਾ ਚਾਹੀਦਾ ਹੈ: ਸ਼ੈਲਜਾ

ਉਨ੍ਹਾਂ ਕਿਹਾ ਕਿ ਹਰਿਆਣਾ ਦੇ ਕਈ ਜ਼ਿਲ੍ਹਿਆਂ ਵਿੱਚ ਕੈਂਸਰ ਦੇ ਮਰੀਜ਼ਾਂ ਦੀ ਗਿਣਤੀ ਲਗਾਤਾਰ ਵਧ ਰਹੀ ਹੈ, ਜੋ ਕਿ ਬਹੁਤ ਚਿੰਤਾ ਦਾ ਵਿਸ਼ਾ ਹੈ।

ਸਿਰਸਾ ਤੋਂ ਸੰਸਦ ਮੈਂਬਰ ਕੁਮਾਰੀ ਸ਼ੈਲਜਾ ਨੇ ਲੋਕ ਸਭਾ ਵਿੱਚ ਕੈਂਸਰ ਦੇ ਵਧ ਰਹੇ ਮਾਮਲਿਆਂ 'ਤੇ ਚਿੰਤਾ ਪ੍ਰਗਟ ਕਰਦਿਆਂ ਇਸ ਦੇ ਕਾਰਨਾਂ ਦੀ ਡੂੰਘਾਈ ਨਾਲ ਖੋਜ ਕਰਨ ਦੀ ਮੰਗ ਕੀਤੀ।

ਉਨ੍ਹਾਂ ਕਿਹਾ ਕਿ ਹਰਿਆਣਾ ਦੇ ਕਈ ਜ਼ਿਲ੍ਹਿਆਂ ਵਿੱਚ ਕੈਂਸਰ ਦੇ ਮਰੀਜ਼ਾਂ ਦੀ ਗਿਣਤੀ ਲਗਾਤਾਰ ਵਧ ਰਹੀ ਹੈ, ਜੋ ਕਿ ਬਹੁਤ ਚਿੰਤਾ ਦਾ ਵਿਸ਼ਾ ਹੈ।

ਉਨ੍ਹਾਂ ਕਿਹਾ ਕਿ ਹਰਿਆਣਾ ਦੇ ਕਈ ਜ਼ਿਲ੍ਹਿਆਂ ਵਿੱਚ ਕੈਂਸਰ ਦੇ ਮਰੀਜ਼ਾਂ ਦੀ ਗਿਣਤੀ ਲਗਾਤਾਰ ਵਧ ਰਹੀ ਹੈ, ਜੋ ਕਿ ਬਹੁਤ ਚਿੰਤਾ ਦਾ ਵਿਸ਼ਾ ਹੈ।

ਸਿਰਸਾ ਤੋਂ ਸੰਸਦ ਮੈਂਬਰ ਕੁਮਾਰੀ ਸ਼ੈਲਜਾ ਨੇ ਲੋਕ ਸਭਾ ਵਿੱਚ ਕੈਂਸਰ ਦੇ ਵਧ ਰਹੇ ਮਾਮਲਿਆਂ 'ਤੇ ਚਿੰਤਾ ਪ੍ਰਗਟ ਕਰਦਿਆਂ ਇਸ ਦੇ ਕਾਰਨਾਂ ਦੀ ਡੂੰਘਾਈ ਨਾਲ ਖੋਜ ਕਰਨ ਦੀ ਮੰਗ ਕੀਤੀ।

ਉਨ੍ਹਾਂ ਕਿਹਾ ਕਿ ਹਰਿਆਣਾ ਦੇ ਕਈ ਜ਼ਿਲ੍ਹਿਆਂ ਵਿੱਚ ਕੈਂਸਰ ਦੇ ਮਰੀਜ਼ਾਂ ਦੀ ਗਿਣਤੀ ਲਗਾਤਾਰ ਵਧ ਰਹੀ ਹੈ, ਜੋ ਕਿ ਬਹੁਤ ਚਿੰਤਾ ਦਾ ਵਿਸ਼ਾ ਹੈ।

'ਲੋਕ ਚੇਤਨਾ ਮੰਚ' ਵੱਲੋਂ ਸਮਾਜ ਸੇਵਕ ਅਤੇ ਸਿੱਖਿਆ ਸ਼ਾਸਤਰੀ ਡਾ. ਮੰਡੇਰ ਦਾ ਸ਼ਾਨਦਾਰ ਸਨਮਾਨ
ਪੈਗ਼ਾਮ-ਏ-ਜਗਤ
ਰਤੀਆ, 3 ਅਪ੍ਰੈਲ
(ਐਡਵੋਕੇਟ ਕੁਲਦੀਪ ਸਿੰਘ)

'ਲੋਕ ਚੇਤਨਾ ਮੰਚ' ਵੱਲੋਂ ਸਮਾਜ ਸੇਵਕ ਅਤੇ ਉੱਘੇ ਸਿੱਖਿਆ ਸ਼ਾਸਤਰੀ ਡਾ. ਮੰਡੇਰ ਦਾ ਵਿਸ਼ੇਸ਼ ਸਨਮਾਨ ਕੀਤਾ ਗਿਆ।

ਸਮਾਗਮ ਵਿੱਚ ਵੱਡੀ ਗਿਣਤੀ ਵਿੱਚ ਸਮਾਜ ਸੇਵੀ ਸੰਸਥਾਵਾਂ ਦੇ ਨੁਮਾਇੰਦਿਆਂ ਨੇ ਹਿੱਸਾ ਲਿਆ।	'ਲੋਕ ਚੇਤਨਾ ਮੰਚ' ਵੱਲੋਂ ਸਮਾਜ ਸੇਵਕ ਅਤੇ ਉੱਘੇ ਸਿੱਖਿਆ ਸ਼ਾਸਤਰੀ ਡਾ. ਮੰਡੇਰ ਦਾ ਵਿਸ਼ੇਸ਼ ਸਨਮਾਨ ਕੀਤਾ ਗਿਆ।

ਸਮਾਗਮ ਵਿੱਚ ਵੱਡੀ ਗਿਣਤੀ ਵਿੱਚ ਸਮਾਜ ਸੇਵੀ ਸੰਸਥਾਵਾਂ ਦੇ ਨੁਮਾਇੰਦਿਆਂ ਨੇ ਹਿੱਸਾ ਲਿਆ।

ਸਮਾਗਮ ਵਿੱਚ ਵੱਡੀ ਗਿਣਤੀ ਵਿੱਚ ਸਮਾਜ ਸੇਵੀ ਸੰਸਥਾਵਾਂ ਦੇ ਨੁਮਾਇੰਦਿਆਂ ਨੇ ਹਿੱਸਾ ਲਿਆ।

'ਲੋਕ ਚੇਤਨਾ ਮੰਚ' ਵੱਲੋਂ ਸਮਾਜ ਸੇਵਕ ਅਤੇ ਉੱਘੇ ਸਿੱਖਿਆ ਸ਼ਾਸਤਰੀ ਡਾ. ਮੰਡੇਰ ਦਾ ਵਿਸ਼ੇਸ਼ ਸਨਮਾਨ ਕੀਤਾ ਗਿਆ।

ਸਮਾਗਮ ਵਿੱਚ ਵੱਡੀ ਗਿਣਤੀ ਵਿੱਚ ਸਮਾਜ ਸੇਵੀ ਸੰਸਥਾਵਾਂ ਦੇ ਨੁਮਾਇੰਦਿਆਂ ਨੇ ਹਿੱਸਾ ਲਿਆ।
